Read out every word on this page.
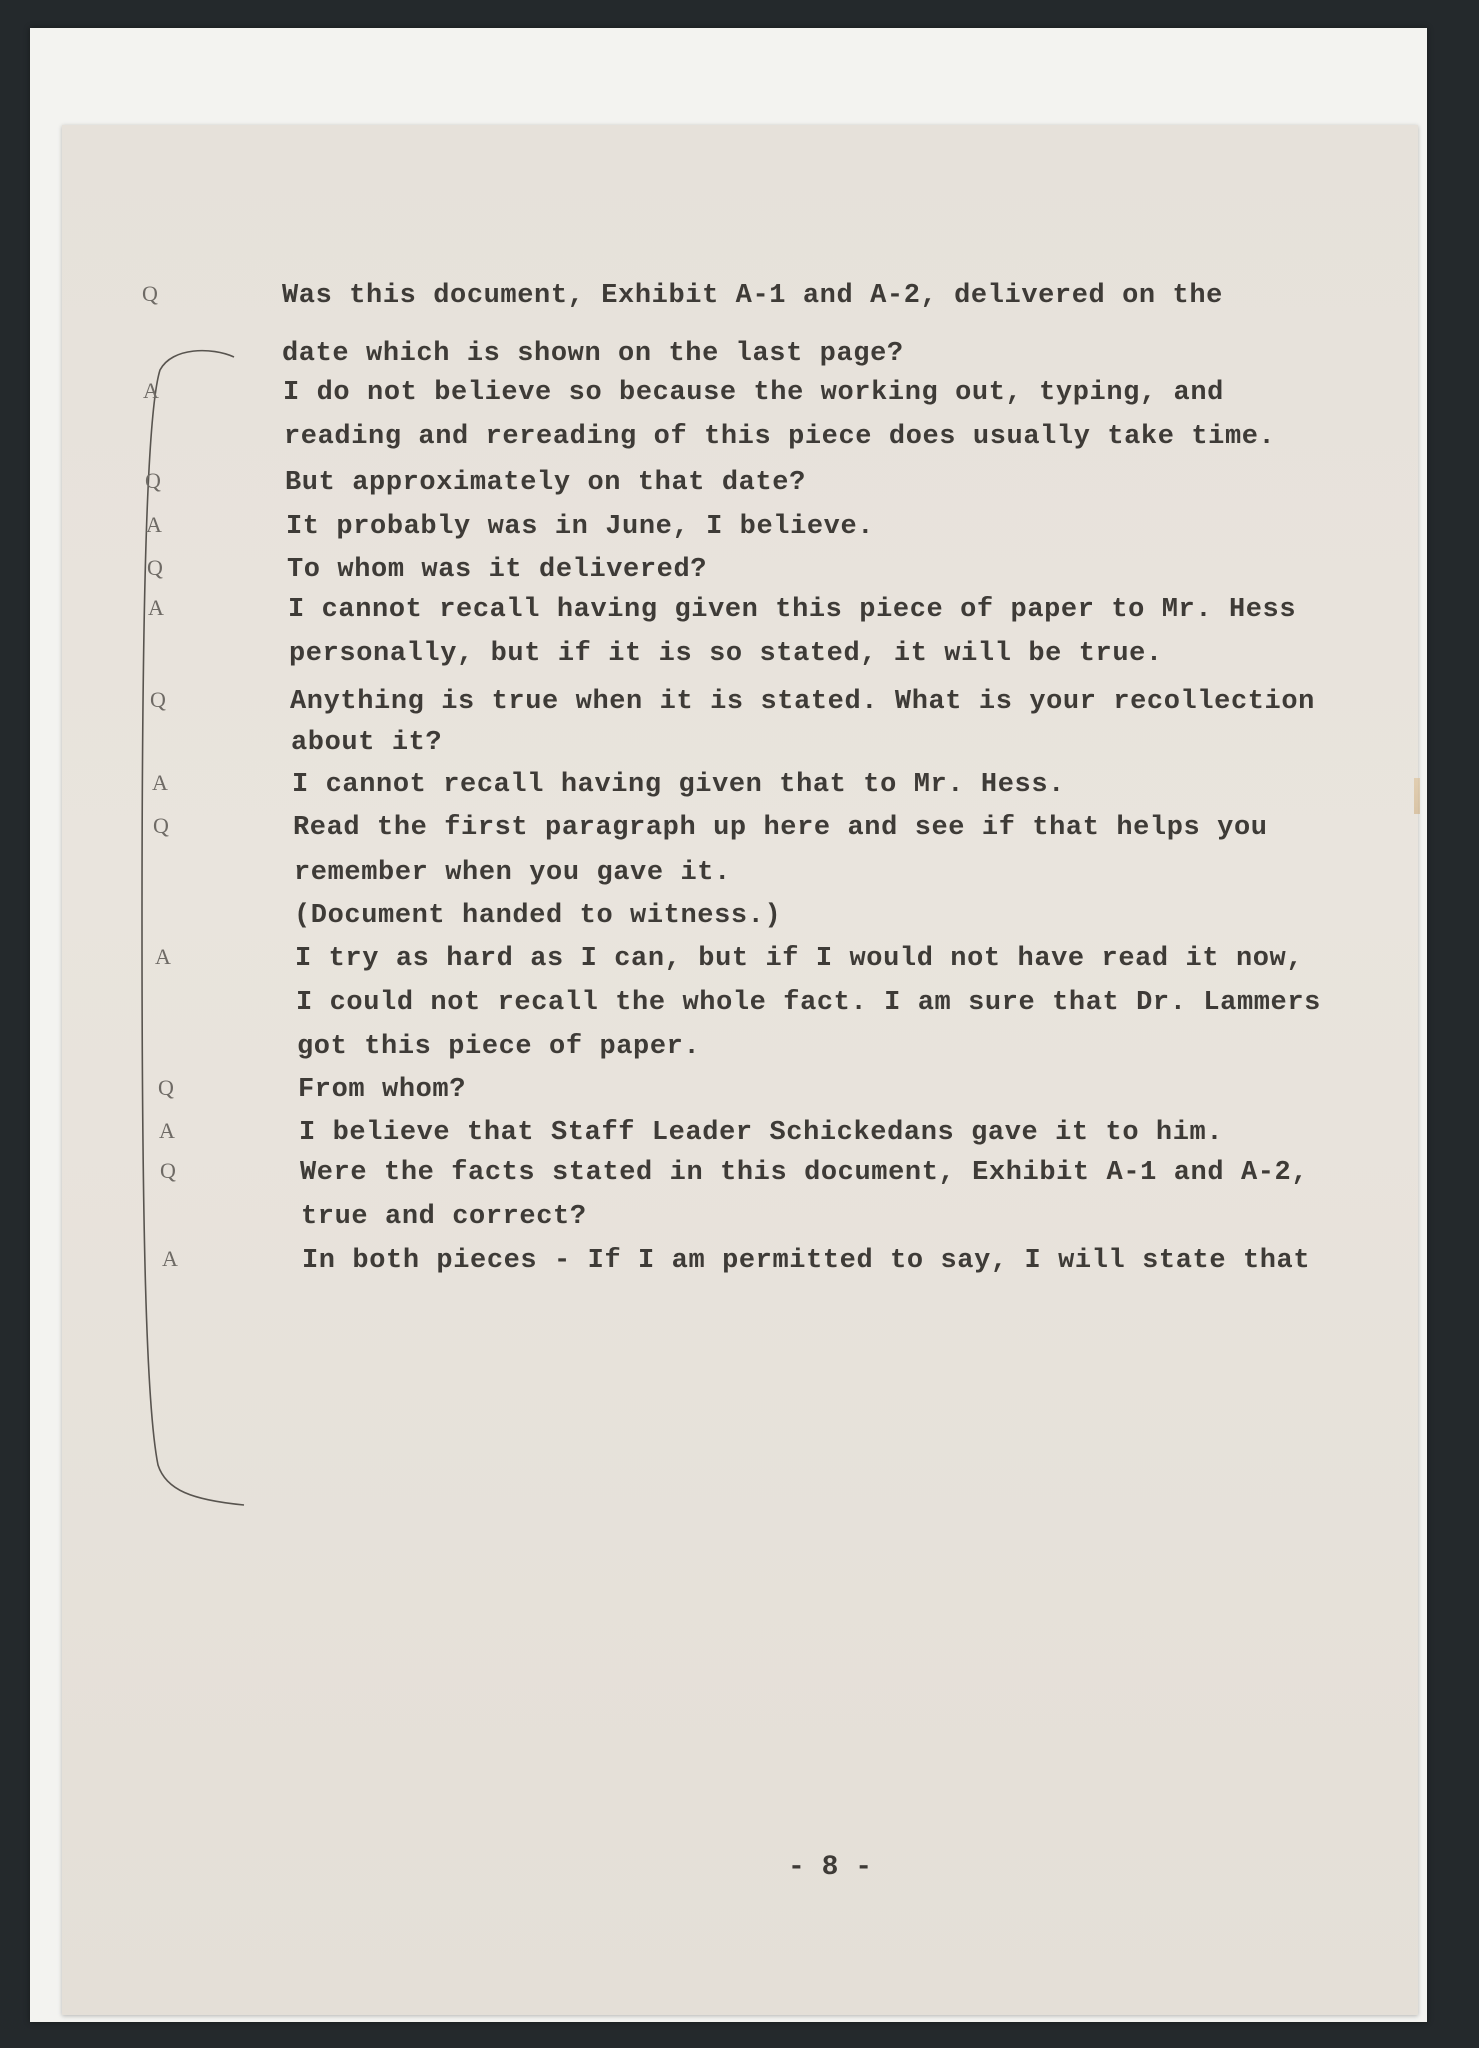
Q	Was this document, Exhibit A-1 and A-2, delivered on the
date which is shown on the last page?
A	I do not believe so because the working out, typing, and
reading and rereading of this piece does usually take time.
Q	But approximately on that date?
A	It probably was in June, I believe.
Q	To whom was it delivered?
A	I cannot recall having given this piece of paper to Mr. Hess
personally, but if it is so stated, it will be true.
Q	Anything is true when it is stated. What is your recollection
about it?
A	I cannot recall having given that to Mr. Hess.
Q	Read the first paragraph up here and see if that helps you
remember when you gave it.
(Document handed to witness.)
A	I try as hard as I can, but if I would not have read it now,
I could not recall the whole fact. I am sure that Dr. Lammers
got this piece of paper.
Q	From whom?
A	I believe that Staff Leader Schickedans gave it to him.
Q	Were the facts stated in this document, Exhibit A-1 and A-2,
true and correct?
A	In both pieces - If I am permitted to say, I will state that
- 8 -
